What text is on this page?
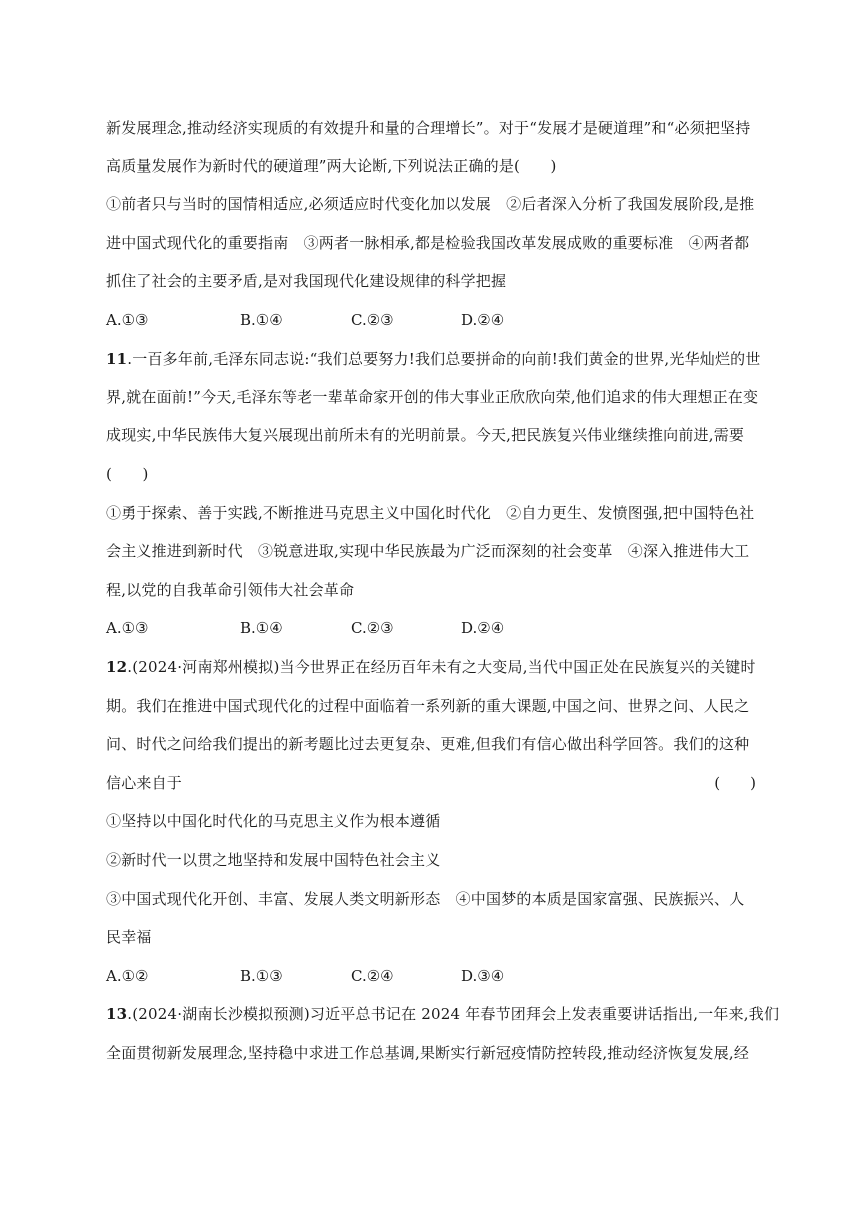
新发展理念,推动经济实现质的有效提升和量的合理增长”。对于“发展才是硬道理”和“必须把坚持
高质量发展作为新时代的硬道理”两大论断,下列说法正确的是(　　)
①前者只与当时的国情相适应,必须适应时代变化加以发展　②后者深入分析了我国发展阶段,是推
进中国式现代化的重要指南　③两者一脉相承,都是检验我国改革发展成败的重要标准　④两者都
抓住了社会的主要矛盾,是对我国现代化建设规律的科学把握
A.①③	B.①④	C.②③	D.②④
11.一百多年前,毛泽东同志说:“我们总要努力!我们总要拼命的向前!我们黄金的世界,光华灿烂的世
界,就在面前!”今天,毛泽东等老一辈革命家开创的伟大事业正欣欣向荣,他们追求的伟大理想正在变
成现实,中华民族伟大复兴展现出前所未有的光明前景。今天,把民族复兴伟业继续推向前进,需要
(　　)
①勇于探索、善于实践,不断推进马克思主义中国化时代化　②自力更生、发愤图强,把中国特色社
会主义推进到新时代　③锐意进取,实现中华民族最为广泛而深刻的社会变革　④深入推进伟大工
程,以党的自我革命引领伟大社会革命
A.①③	B.①④	C.②③	D.②④
12.(2024·河南郑州模拟)当今世界正在经历百年未有之大变局,当代中国正处在民族复兴的关键时
期。我们在推进中国式现代化的过程中面临着一系列新的重大课题,中国之问、世界之问、人民之
问、时代之问给我们提出的新考题比过去更复杂、更难,但我们有信心做出科学回答。我们的这种
信心来自于	(　　)
①坚持以中国化时代化的马克思主义作为根本遵循
②新时代一以贯之地坚持和发展中国特色社会主义
③中国式现代化开创、丰富、发展人类文明新形态　④中国梦的本质是国家富强、民族振兴、人
民幸福
A.①②	B.①③	C.②④	D.③④
13.(2024·湖南长沙模拟预测)习近平总书记在 2024 年春节团拜会上发表重要讲话指出,一年来,我们
全面贯彻新发展理念,坚持稳中求进工作总基调,果断实行新冠疫情防控转段,推动经济恢复发展,经
